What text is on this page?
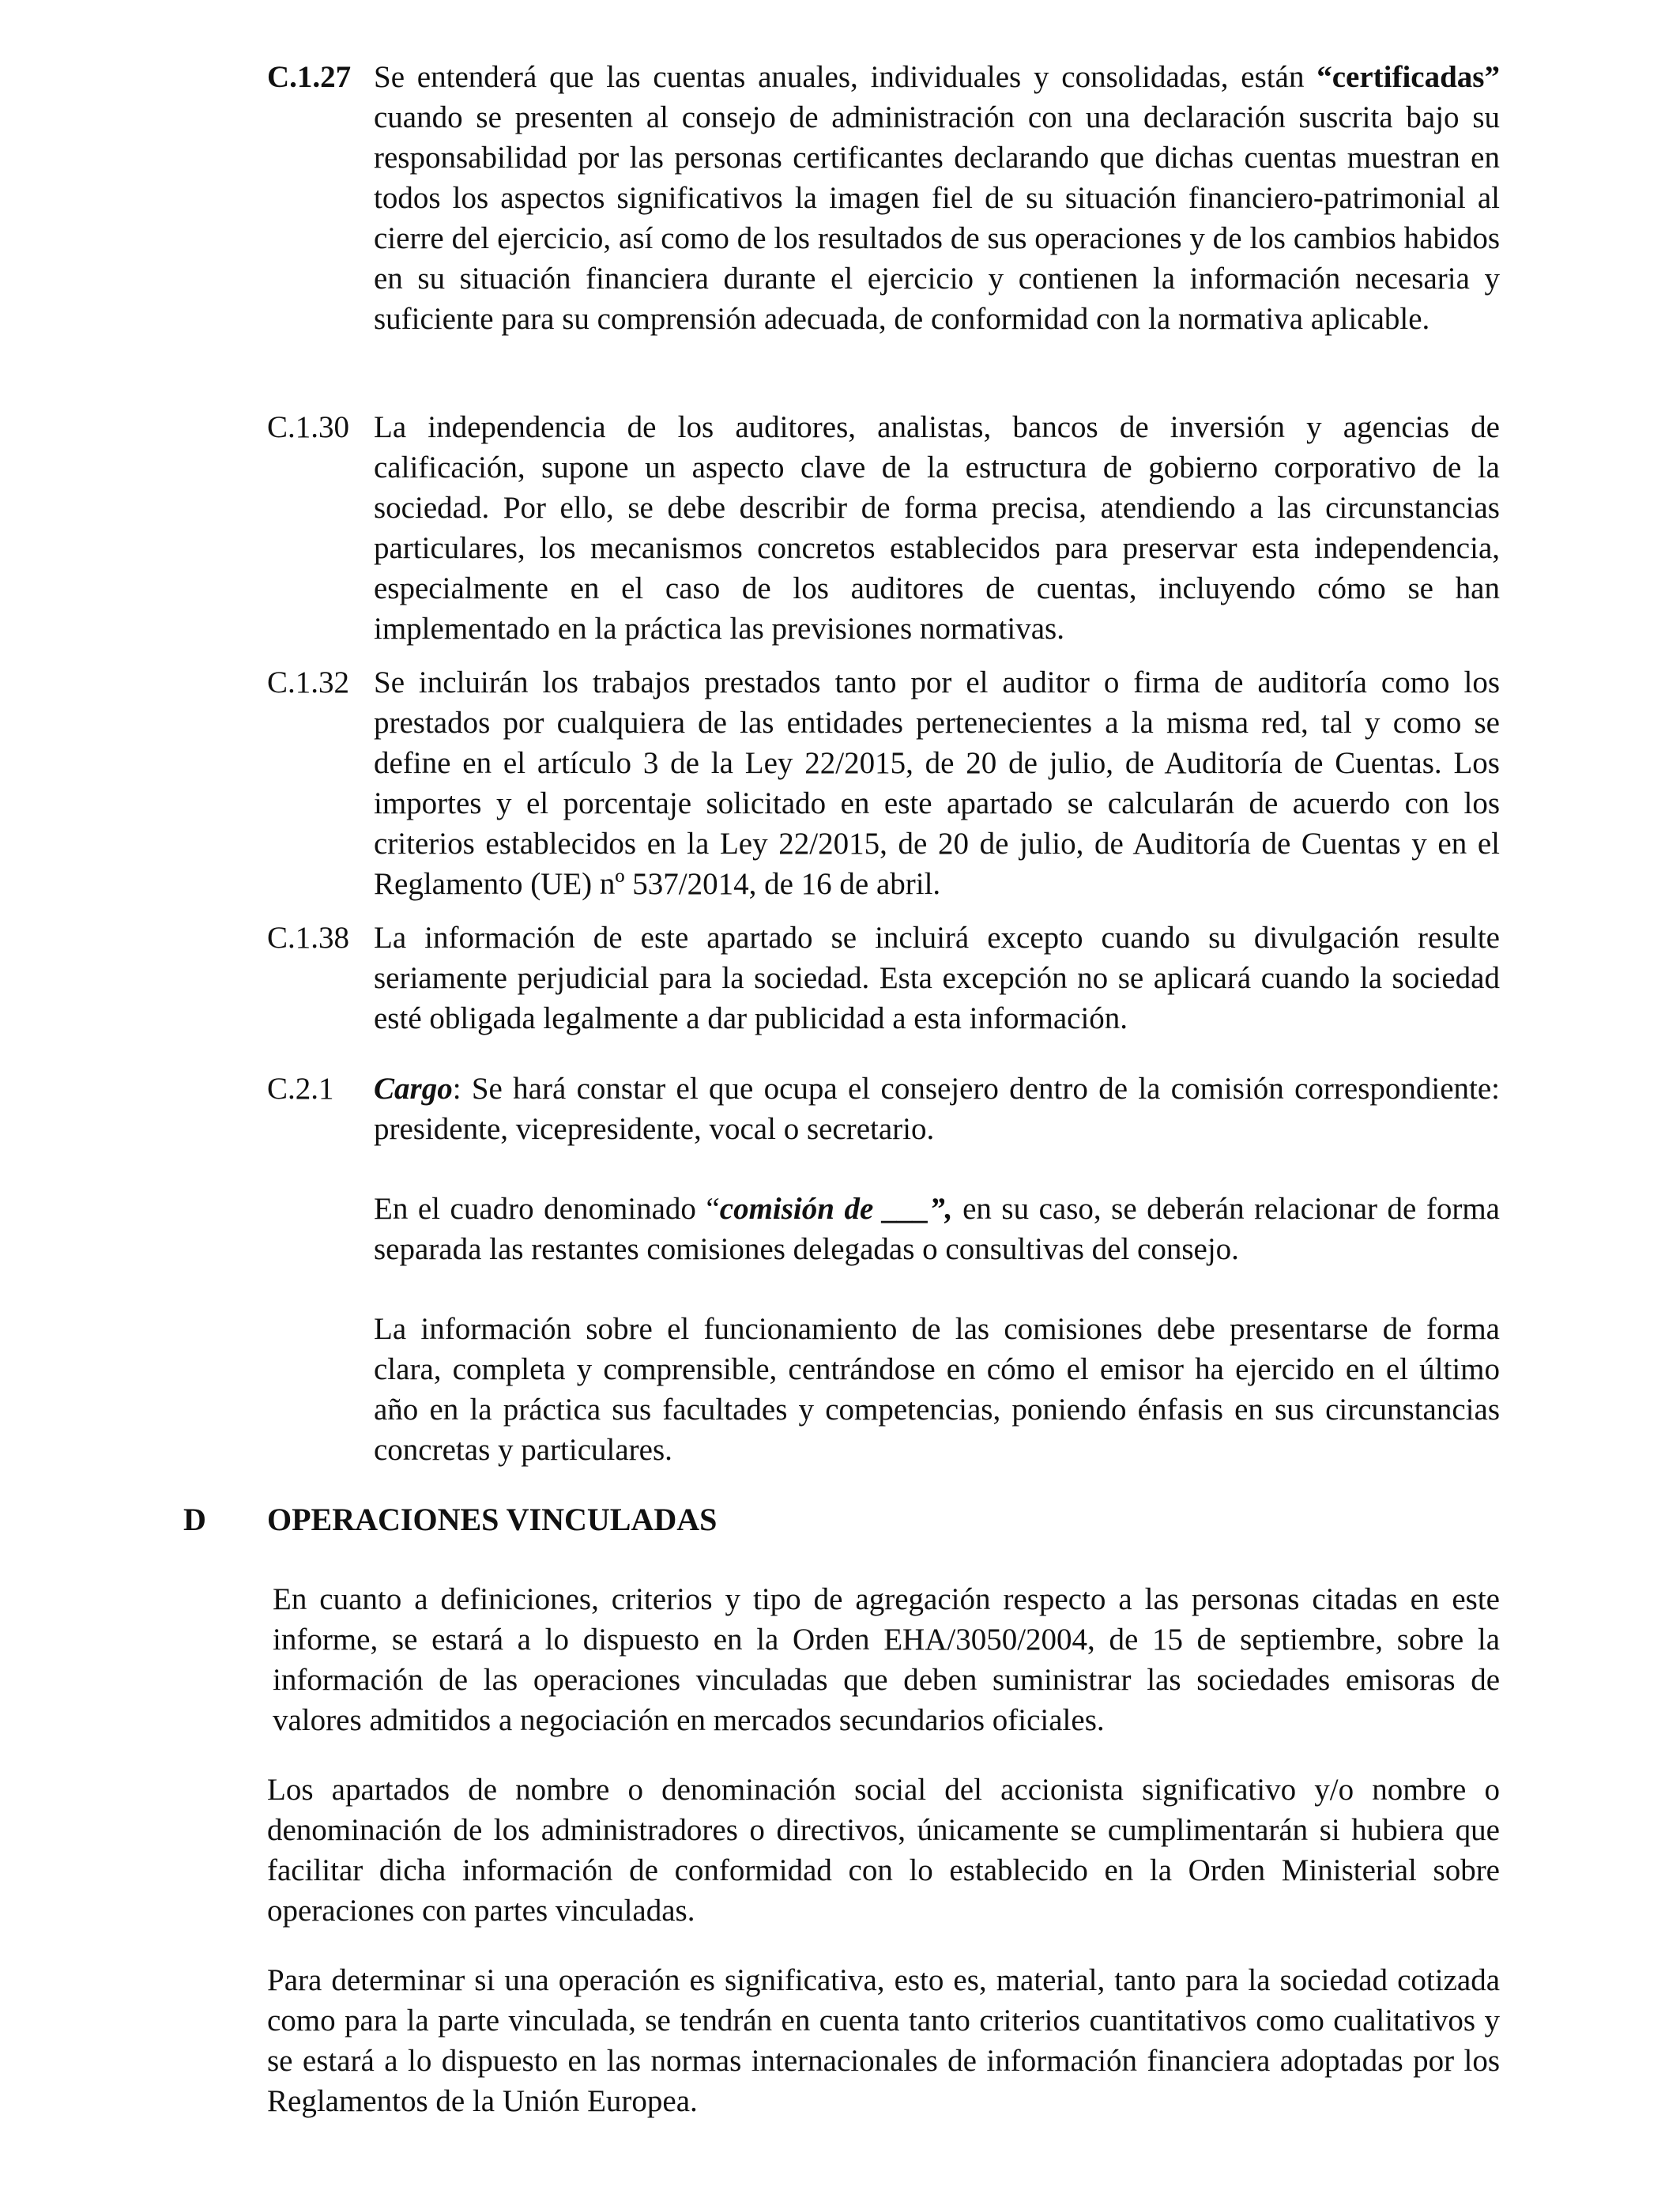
C.1.27 Se entenderá que las cuentas anuales, individuales y consolidadas, están “certificadas” cuando se presenten al consejo de administración con una declaración suscrita bajo su responsabilidad por las personas certificantes declarando que dichas cuentas muestran en todos los aspectos significativos la imagen fiel de su situación financiero-patrimonial al cierre del ejercicio, así como de los resultados de sus operaciones y de los cambios habidos en su situación financiera durante el ejercicio y contienen la información necesaria y suficiente para su comprensión adecuada, de conformidad con la normativa aplicable.

C.1.30 La independencia de los auditores, analistas, bancos de inversión y agencias de calificación, supone un aspecto clave de la estructura de gobierno corporativo de la sociedad. Por ello, se debe describir de forma precisa, atendiendo a las circunstancias particulares, los mecanismos concretos establecidos para preservar esta independencia, especialmente en el caso de los auditores de cuentas, incluyendo cómo se han implementado en la práctica las previsiones normativas.

C.1.32 Se incluirán los trabajos prestados tanto por el auditor o firma de auditoría como los prestados por cualquiera de las entidades pertenecientes a la misma red, tal y como se define en el artículo 3 de la Ley 22/2015, de 20 de julio, de Auditoría de Cuentas. Los importes y el porcentaje solicitado en este apartado se calcularán de acuerdo con los criterios establecidos en la Ley 22/2015, de 20 de julio, de Auditoría de Cuentas y en el Reglamento (UE) nº 537/2014, de 16 de abril.

C.1.38 La información de este apartado se incluirá excepto cuando su divulgación resulte seriamente perjudicial para la sociedad. Esta excepción no se aplicará cuando la sociedad esté obligada legalmente a dar publicidad a esta información.

C.2.1 Cargo: Se hará constar el que ocupa el consejero dentro de la comisión correspondiente: presidente, vicepresidente, vocal o secretario.

En el cuadro denominado “comisión de ___”, en su caso, se deberán relacionar de forma separada las restantes comisiones delegadas o consultivas del consejo.

La información sobre el funcionamiento de las comisiones debe presentarse de forma clara, completa y comprensible, centrándose en cómo el emisor ha ejercido en el último año en la práctica sus facultades y competencias, poniendo énfasis en sus circunstancias concretas y particulares.

D OPERACIONES VINCULADAS

En cuanto a definiciones, criterios y tipo de agregación respecto a las personas citadas en este informe, se estará a lo dispuesto en la Orden EHA/3050/2004, de 15 de septiembre, sobre la información de las operaciones vinculadas que deben suministrar las sociedades emisoras de valores admitidos a negociación en mercados secundarios oficiales.

Los apartados de nombre o denominación social del accionista significativo y/o nombre o denominación de los administradores o directivos, únicamente se cumplimentarán si hubiera que facilitar dicha información de conformidad con lo establecido en la Orden Ministerial sobre operaciones con partes vinculadas.

Para determinar si una operación es significativa, esto es, material, tanto para la sociedad cotizada como para la parte vinculada, se tendrán en cuenta tanto criterios cuantitativos como cualitativos y se estará a lo dispuesto en las normas internacionales de información financiera adoptadas por los Reglamentos de la Unión Europea.
